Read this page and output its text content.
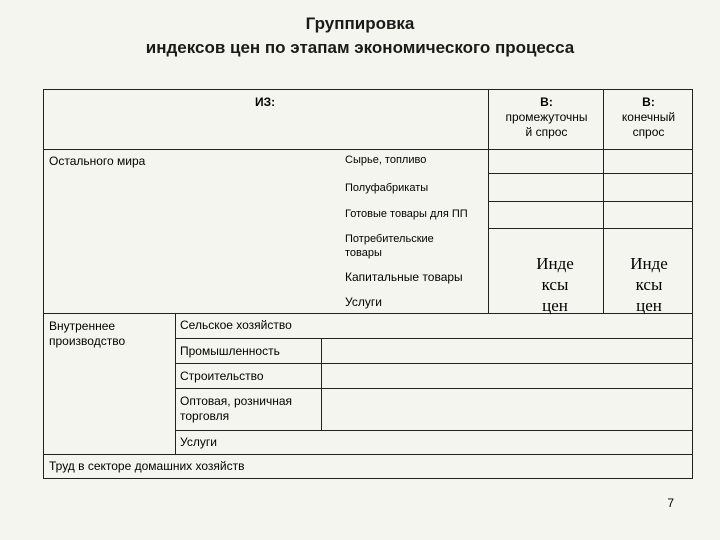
Группировка
индексов цен по этапам экономического процесса
ИЗ:	В:
промежуточны
й спрос
В:
конечный
спрос
Остального мира	Сырье, топливо
Полуфабрикаты
Готовые товары для ПП
Потребительские
товары
Капитальные товары
Услуги
Инде
ксы
цен
Инде
ксы
цен
Внутреннее
производство
Сельское хозяйство
Промышленность
Строительство
Оптовая, розничная
торговля
Услуги
Труд в секторе домашних хозяйств
7
